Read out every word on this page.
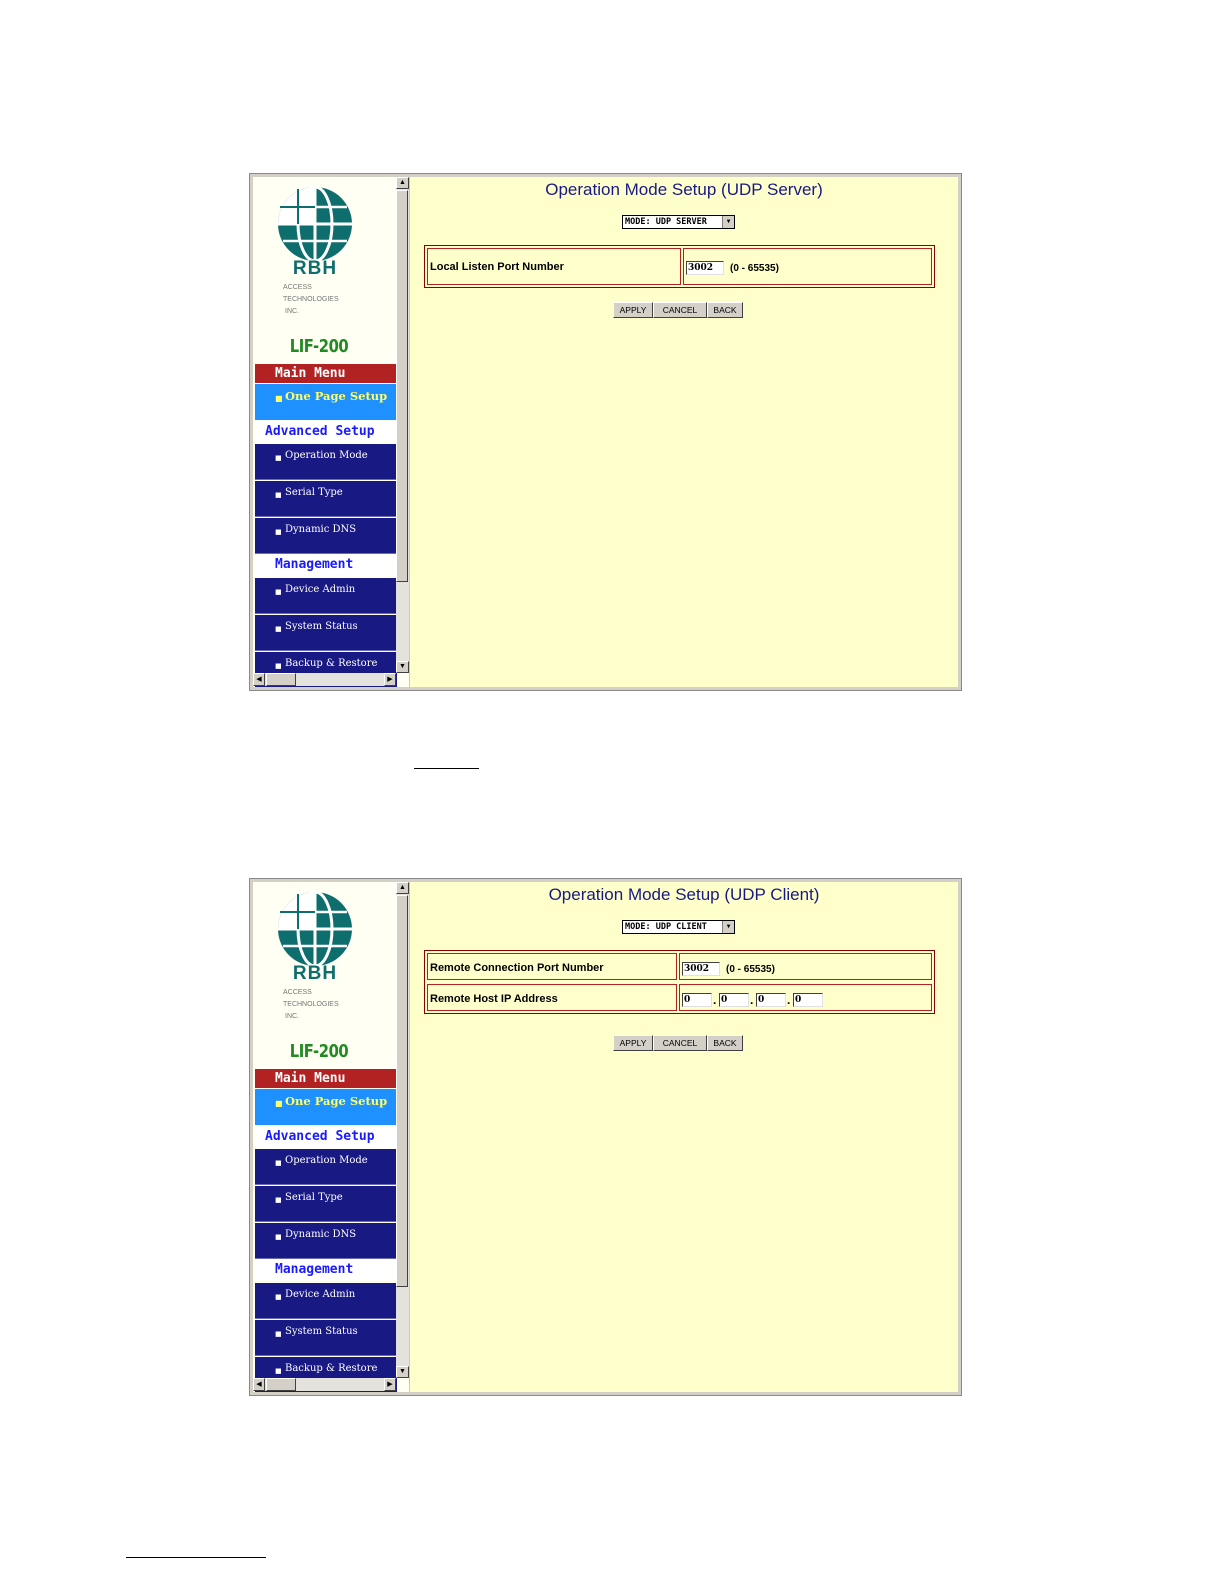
RBH
ACCESS
TECHNOLOGIES
INC.
LIF-200
Main Menu
■ One Page Setup
Advanced Setup
■ Operation Mode
■ Serial Type
■ Dynamic DNS
Management
■ Device Admin
■ System Status
■ Backup & Restore
▲
▼
◀	▶
Operation Mode Setup (UDP Server)
MODE: UDP SERVER	▼
Local Listen Port Number	3002	(0 - 65535)
APPLY	CANCEL	BACK
RBH
ACCESS
TECHNOLOGIES
INC.
LIF-200
Main Menu
■ One Page Setup
Advanced Setup
■ Operation Mode
■ Serial Type
■ Dynamic DNS
Management
■ Device Admin
■ System Status
■ Backup & Restore
▲
▼
◀	▶
Operation Mode Setup (UDP Client)
MODE: UDP CLIENT	▼
Remote Connection Port Number	3002	(0 - 65535)
Remote Host IP Address	0	. 0	. 0	. 0
APPLY	CANCEL	BACK
